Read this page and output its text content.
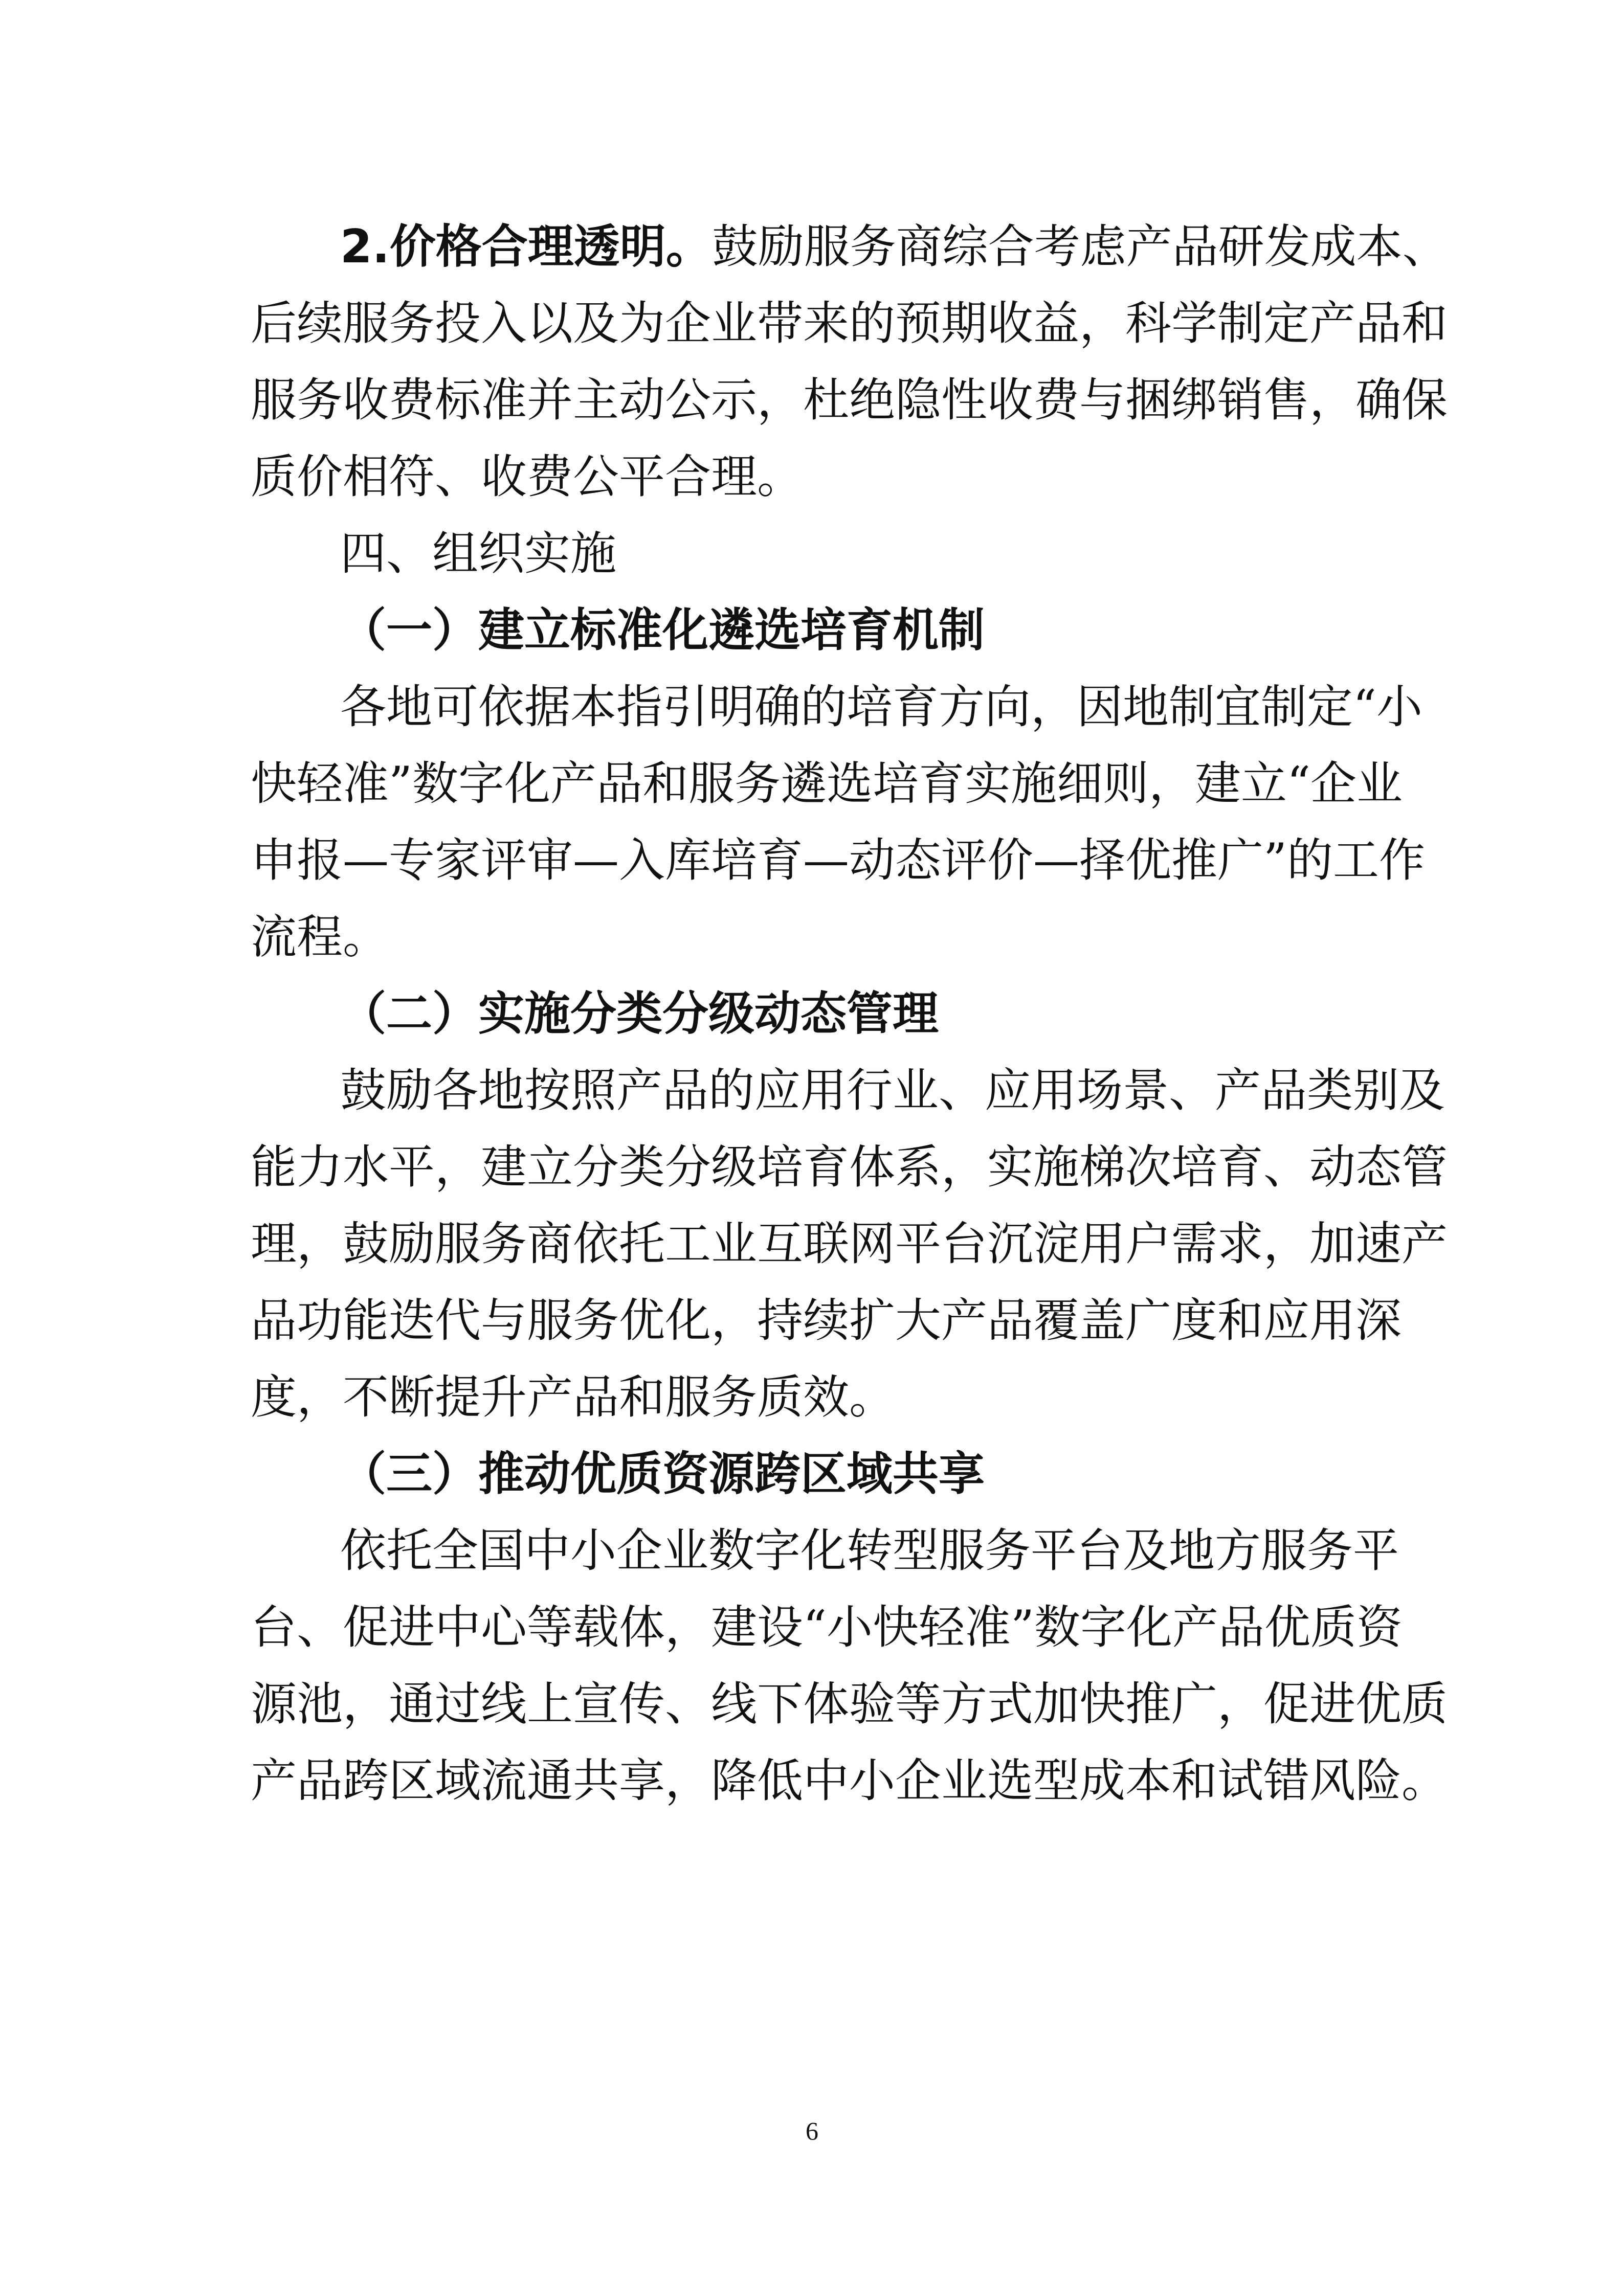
2.价格合理透明。鼓励服务商综合考虑产品研发成本、
后续服务投入以及为企业带来的预期收益，科学制定产品和
服务收费标准并主动公示，杜绝隐性收费与捆绑销售，确保
质价相符、收费公平合理。
四、组织实施
（一）建立标准化遴选培育机制
各地可依据本指引明确的培育方向，因地制宜制定“小
快轻准”数字化产品和服务遴选培育实施细则，建立“企业
申报—专家评审—入库培育—动态评价—择优推广”的工作
流程。
（二）实施分类分级动态管理
鼓励各地按照产品的应用行业、应用场景、产品类别及
能力水平，建立分类分级培育体系，实施梯次培育、动态管
理，鼓励服务商依托工业互联网平台沉淀用户需求，加速产
品功能迭代与服务优化，持续扩大产品覆盖广度和应用深
度，不断提升产品和服务质效。
（三）推动优质资源跨区域共享
依托全国中小企业数字化转型服务平台及地方服务平
台、促进中心等载体，建设“小快轻准”数字化产品优质资
源池，通过线上宣传、线下体验等方式加快推广，促进优质
产品跨区域流通共享，降低中小企业选型成本和试错风险。
6
